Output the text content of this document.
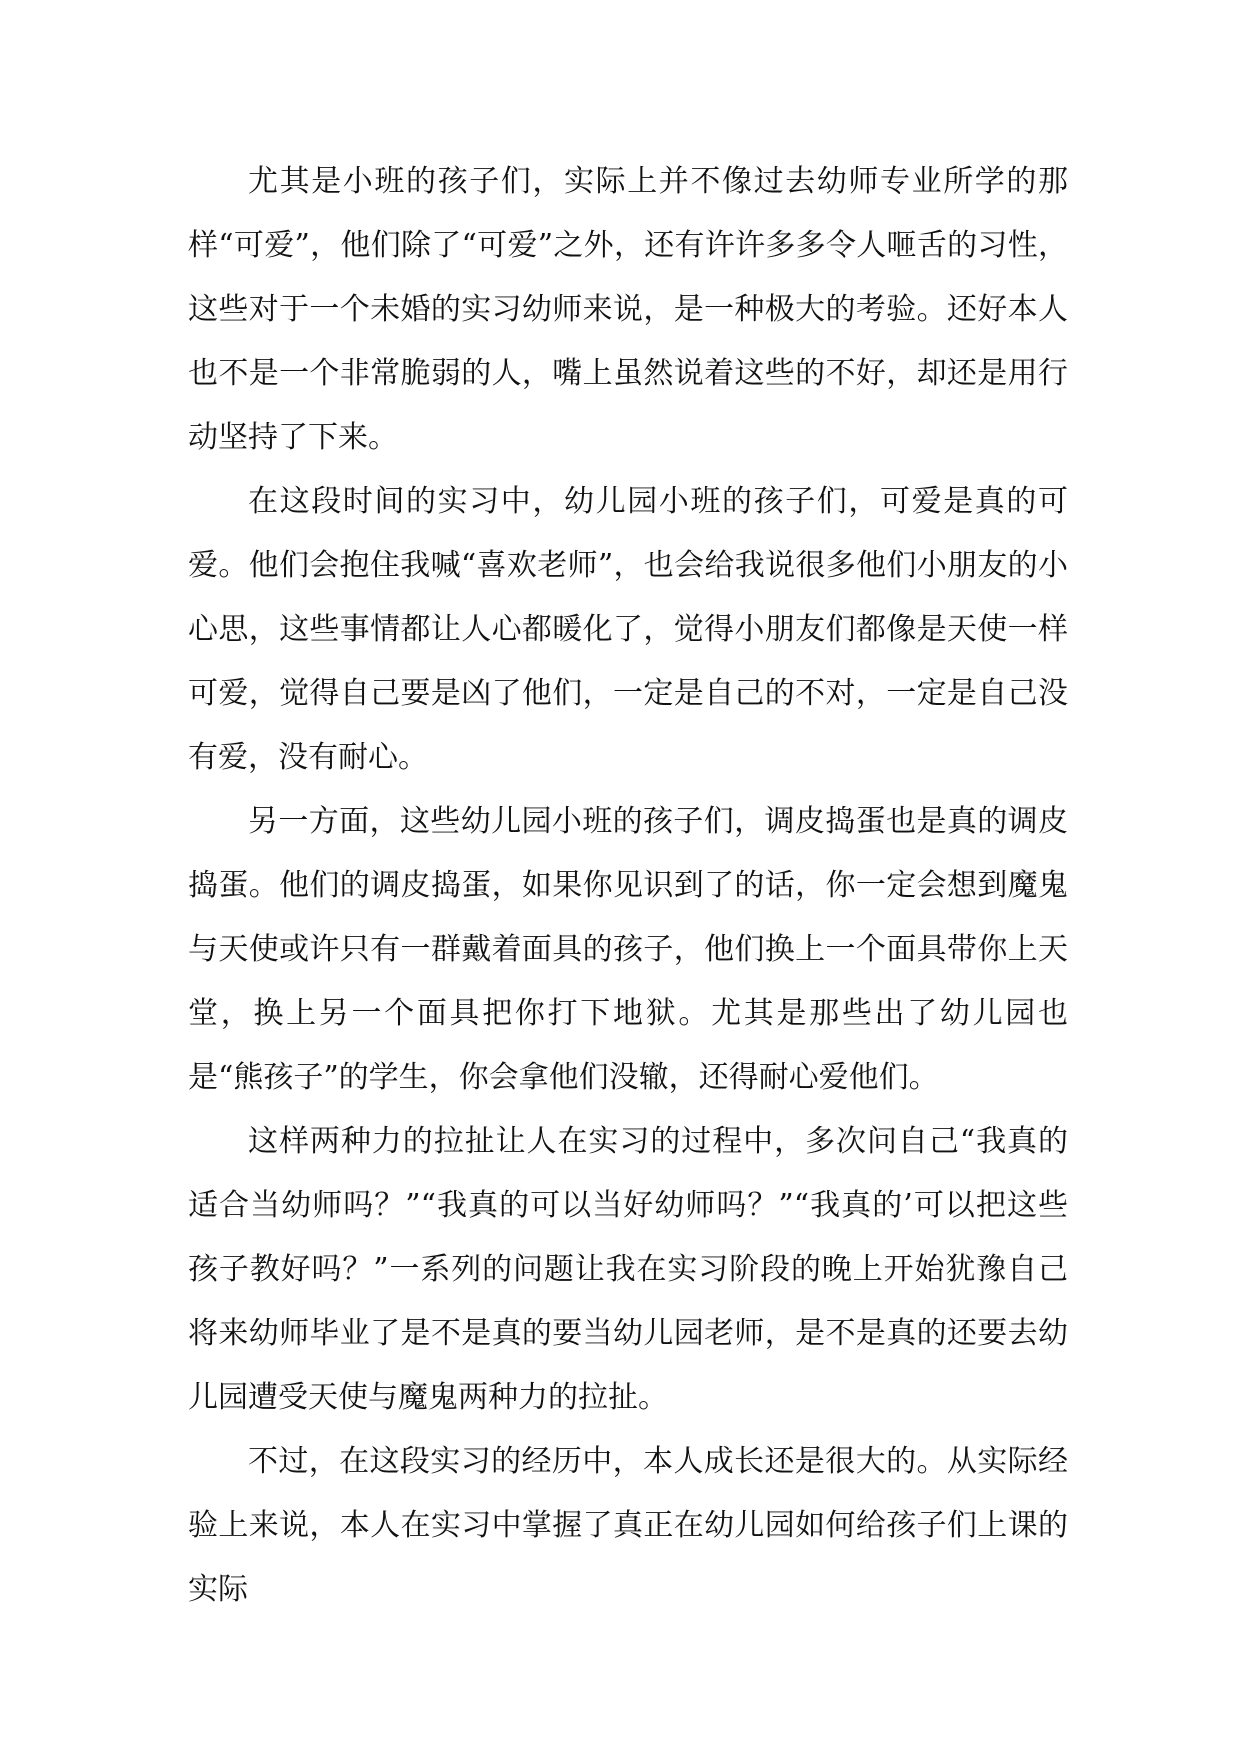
尤其是小班的孩子们，实际上并不像过去幼师专业所学的那样“可爱”，他们除了“可爱”之外，还有许许多多令人咂舌的习性，这些对于一个未婚的实习幼师来说，是一种极大的考验。还好本人也不是一个非常脆弱的人，嘴上虽然说着这些的不好，却还是用行动坚持了下来。

在这段时间的实习中，幼儿园小班的孩子们，可爱是真的可爱。他们会抱住我喊“喜欢老师”，也会给我说很多他们小朋友的小心思，这些事情都让人心都暖化了，觉得小朋友们都像是天使一样可爱，觉得自己要是凶了他们，一定是自己的不对，一定是自己没有爱，没有耐心。

另一方面，这些幼儿园小班的孩子们，调皮捣蛋也是真的调皮捣蛋。他们的调皮捣蛋，如果你见识到了的话，你一定会想到魔鬼与天使或许只有一群戴着面具的孩子，他们换上一个面具带你上天堂，换上另一个面具把你打下地狱。尤其是那些出了幼儿园也是“熊孩子”的学生，你会拿他们没辙，还得耐心爱他们。

这样两种力的拉扯让人在实习的过程中，多次问自己“我真的适合当幼师吗？”“我真的可以当好幼师吗？”“我真的’可以把这些孩子教好吗？”一系列的问题让我在实习阶段的晚上开始犹豫自己将来幼师毕业了是不是真的要当幼儿园老师，是不是真的还要去幼儿园遭受天使与魔鬼两种力的拉扯。

不过，在这段实习的经历中，本人成长还是很大的。从实际经验上来说，本人在实习中掌握了真正在幼儿园如何给孩子们上课的实际
